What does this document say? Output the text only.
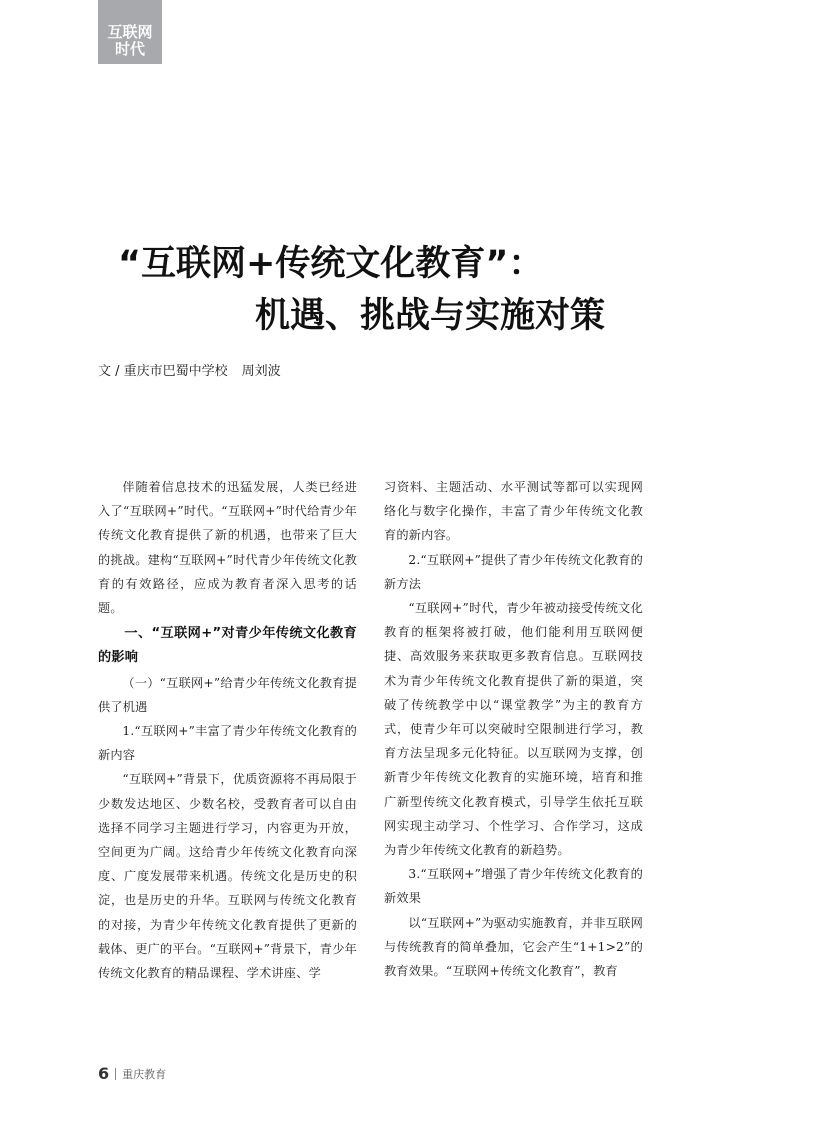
互联网
时代
“互联网+传统文化教育”：
机遇、挑战与实施对策
文 / 重庆市巴蜀中学校 周刘波

伴随着信息技术的迅猛发展，人类已经进入了“互联网+”时代。“互联网+”时代给青少年传统文化教育提供了新的机遇，也带来了巨大的挑战。建构“互联网+”时代青少年传统文化教育的有效路径，应成为教育者深入思考的话题。

一、“互联网+”对青少年传统文化教育的影响

（一）“互联网+”给青少年传统文化教育提供了机遇

1.“互联网+”丰富了青少年传统文化教育的新内容

“互联网+”背景下，优质资源将不再局限于少数发达地区、少数名校，受教育者可以自由选择不同学习主题进行学习，内容更为开放，空间更为广阔。这给青少年传统文化教育向深度、广度发展带来机遇。传统文化是历史的积淀，也是历史的升华。互联网与传统文化教育的对接，为青少年传统文化教育提供了更新的载体、更广的平台。“互联网+”背景下，青少年传统文化教育的精品课程、学术讲座、学

习资料、主题活动、水平测试等都可以实现网络化与数字化操作，丰富了青少年传统文化教育的新内容。

2.“互联网+”提供了青少年传统文化教育的新方法

“互联网+”时代，青少年被动接受传统文化教育的框架将被打破，他们能利用互联网便捷、高效服务来获取更多教育信息。互联网技术为青少年传统文化教育提供了新的渠道，突破了传统教学中以“课堂教学”为主的教育方式，使青少年可以突破时空限制进行学习，教育方法呈现多元化特征。以互联网为支撑，创新青少年传统文化教育的实施环境，培育和推广新型传统文化教育模式，引导学生依托互联网实现主动学习、个性学习、合作学习，这成为青少年传统文化教育的新趋势。

3.“互联网+”增强了青少年传统文化教育的新效果

以“互联网+”为驱动实施教育，并非互联网与传统教育的简单叠加，它会产生“1+1>2”的教育效果。“互联网+传统文化教育”，教育

6 重庆教育
